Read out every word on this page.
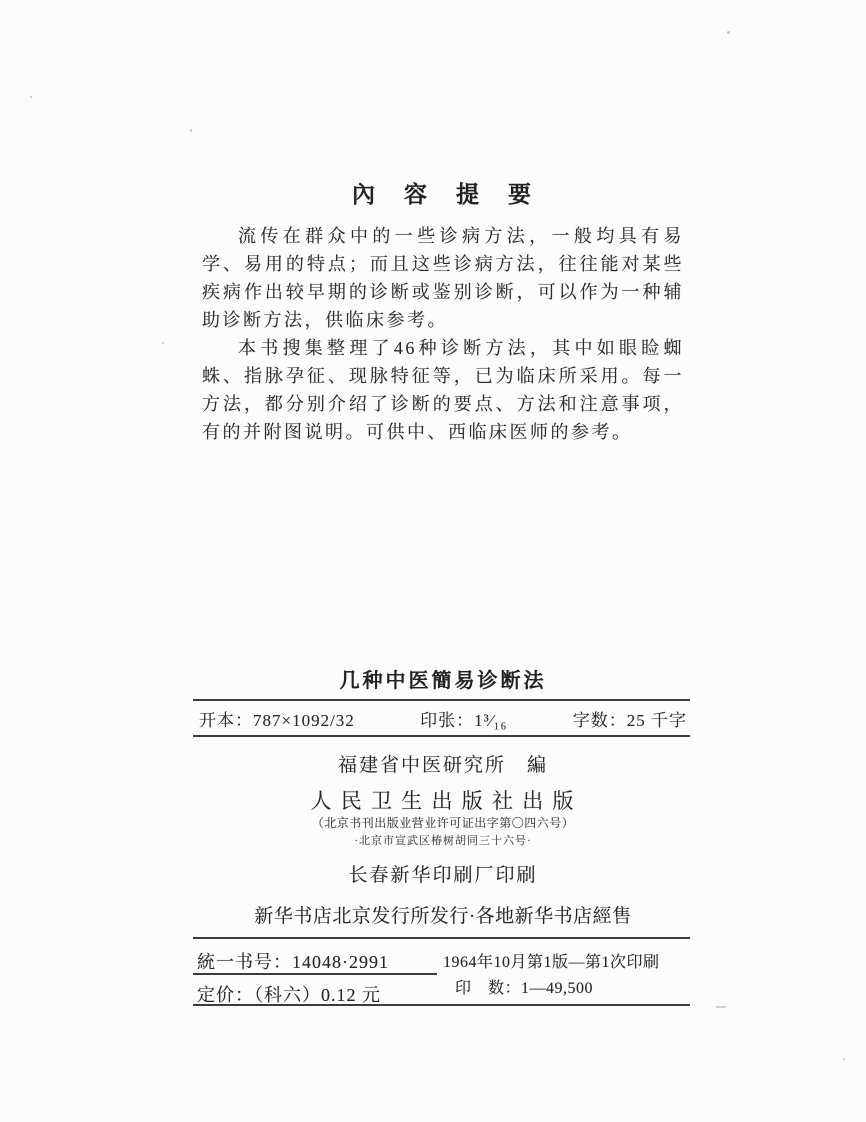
內　容　提　要

流传在群众中的一些诊病方法，一般均具有易学、易用的特点；而且这些诊病方法，往往能对某些疾病作出较早期的诊断或鉴别诊断，可以作为一种辅助诊断方法，供临床参考。

本书搜集整理了46种诊断方法，其中如眼睑蜘蛛、指脉孕征、现脉特征等，已为临床所采用。每一方法，都分别介绍了诊断的要点、方法和注意事项，有的并附图说明。可供中、西临床医师的参考。

几种中医簡易诊断法
开本：787×1092/32	印张：1³⁄₁₆	字数：25 千字
福建省中医研究所　編
人 民 卫 生 出 版 社 出 版
（北京书刊出版业营业许可证出字第〇四六号）
·北京市宣武区椿树胡同三十六号·
长春新华印刷厂印刷
新华书店北京发行所发行·各地新华书店經售
統一书号：14048·2991	1964年10月第1版—第1次印刷
印　数：1—49,500
定价：（科六）0.12 元
